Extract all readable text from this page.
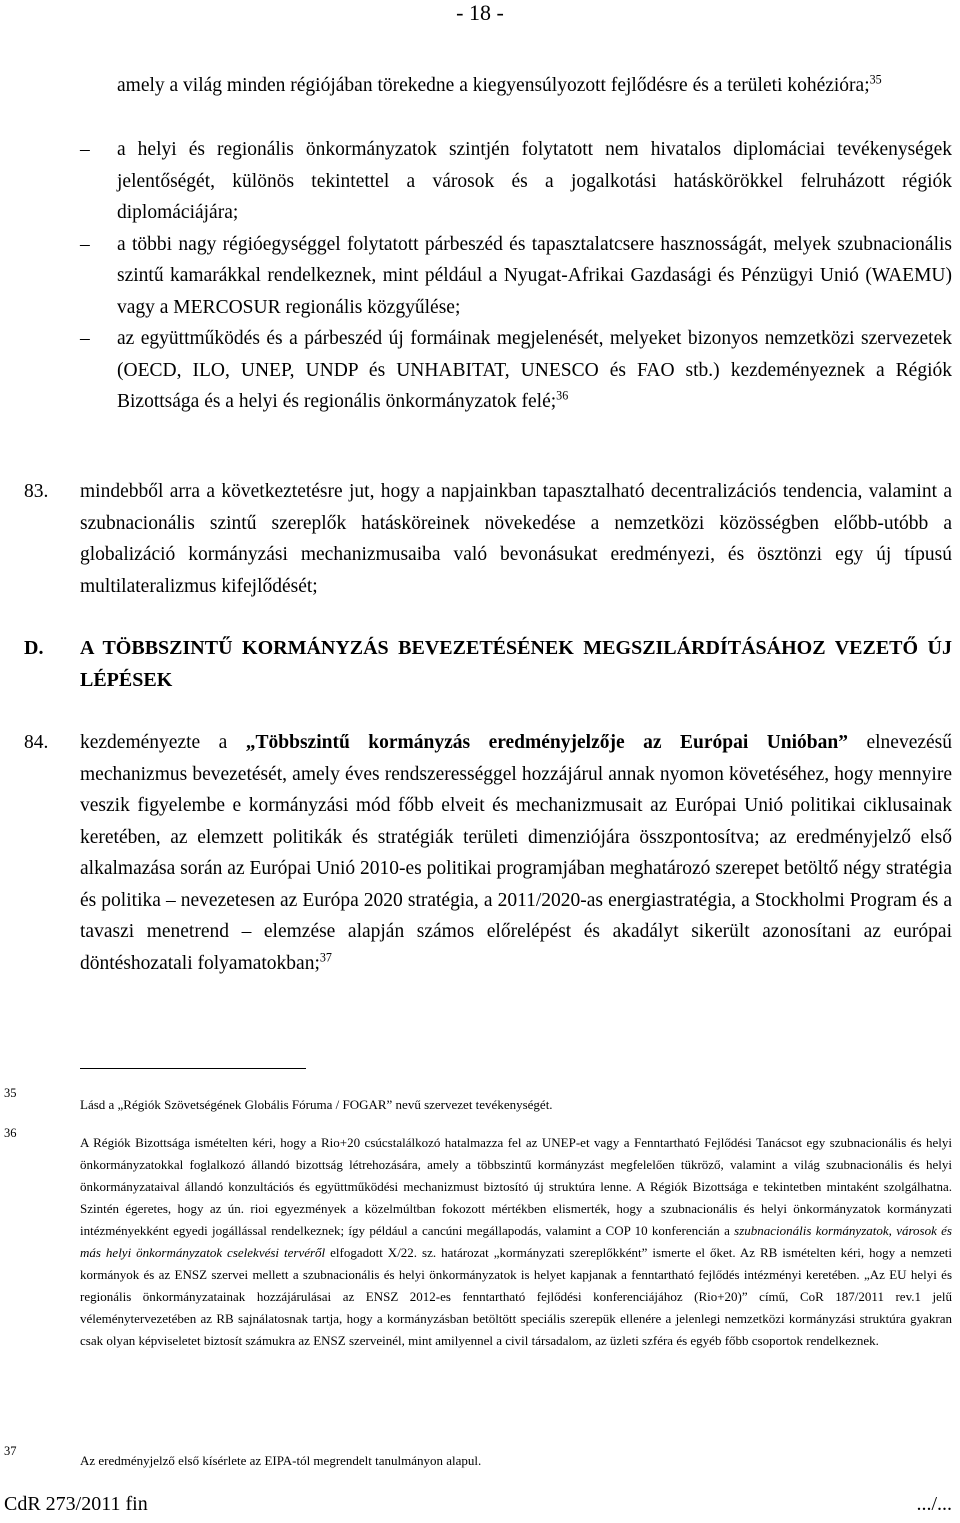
- 18 -
amely a világ minden régiójában törekedne a kiegyensúlyozott fejlődésre és a területi kohézióra;$^{35}$
– a helyi és regionális önkormányzatok szintjén folytatott nem hivatalos diplomáciai tevékenységek jelentőségét, különös tekintettel a városok és a jogalkotási hatáskörökkel felruházott régiók diplomáciájára;
– a többi nagy régióegységgel folytatott párbeszéd és tapasztalatcsere hasznosságát, melyek szubnacionális szintű kamarákkal rendelkeznek, mint például a Nyugat-Afrikai Gazdasági és Pénzügyi Unió (WAEMU) vagy a MERCOSUR regionális közgyűlése;
– az együttműködés és a párbeszéd új formáinak megjelenését, melyeket bizonyos nemzetközi szervezetek (OECD, ILO, UNEP, UNDP és UNHABITAT, UNESCO és FAO stb.) kezdeményeznek a Régiók Bizottsága és a helyi és regionális önkormányzatok felé;$^{36}$
83. mindebből arra a következtetésre jut, hogy a napjainkban tapasztalható decentralizációs tendencia, valamint a szubnacionális szintű szereplők hatásköreinek növekedése a nemzetközi közösségben előbb-utóbb a globalizáció kormányzási mechanizmusaiba való bevonásukat eredményezi, és ösztönzi egy új típusú multilateralizmus kifejlődését;
D. A TÖBBSZINTŰ KORMÁNYZÁS BEVEZETÉSÉNEK MEGSZILÁRDÍTÁSÁHOZ VEZETŐ ÚJ LÉPÉSEK
84. kezdeményezte a „Többszintű kormányzás eredményjelzője az Európai Unióban” elnevezésű mechanizmus bevezetését, amely éves rendszerességgel hozzájárul annak nyomon követéséhez, hogy mennyire veszik figyelembe e kormányzási mód főbb elveit és mechanizmusait az Európai Unió politikai ciklusainak keretében, az elemzett politikák és stratégiák területi dimenziójára összpontosítva; az eredményjelző első alkalmazása során az Európai Unió 2010-es politikai programjában meghatározó szerepet betöltő négy stratégia és politika – nevezetesen az Európa 2020 stratégia, a 2011/2020-as energiastratégia, a Stockholmi Program és a tavaszi menetrend – elemzése alapján számos előrelépést és akadályt sikerült azonosítani az európai döntéshozatali folyamatokban;$^{37}$
35
Lásd a „Régiók Szövetségének Globális Fóruma / FOGAR” nevű szervezet tevékenységét.
36
A Régiók Bizottsága ismételten kéri, hogy a Rio+20 csúcstalálkozó hatalmazza fel az UNEP-et vagy a Fenntartható Fejlődési Tanácsot egy szubnacionális és helyi önkormányzatokkal foglalkozó állandó bizottság létrehozására, amely a többszintű kormányzást megfelelően tükröző, valamint a világ szubnacionális és helyi önkormányzataival állandó konzultációs és együttműködési mechanizmust biztosító új struktúra lenne. A Régiók Bizottsága e tekintetben mintaként szolgálhatna. Szintén égeretes, hogy az ún. rioi egyezmények a közelmúltban fokozott mértékben elismerték, hogy a szubnacionális és helyi önkormányzatok kormányzati intézményekként egyedi jogállással rendelkeznek; így például a cancúni megállapodás, valamint a COP 10 konferencián a szubnacionális kormányzatok, városok és más helyi önkormányzatok cselekvési tervéről elfogadott X/22. sz. határozat „kormányzati szereplőkként” ismerte el őket. Az RB ismételten kéri, hogy a nemzeti kormányok és az ENSZ szervei mellett a szubnacionális és helyi önkormányzatok is helyet kapjanak a fenntartható fejlődés intézményi keretében. „Az EU helyi és regionális önkormányzatainak hozzájárulásai az ENSZ 2012-es fenntartható fejlődési konferenciájához (Rio+20)” című, CoR 187/2011 rev.1 jelű véleménytervezetében az RB sajnálatosnak tartja, hogy a kormányzásban betöltött speciális szerepük ellenére a jelenlegi nemzetközi kormányzási struktúra gyakran csak olyan képviseletet biztosít számukra az ENSZ szerveinél, mint amilyennel a civil társadalom, az üzleti szféra és egyéb főbb csoportok rendelkeznek.
37
Az eredményjelző első kísérlete az EIPA-tól megrendelt tanulmányon alapul.
CdR 273/2011 fin	.../...
